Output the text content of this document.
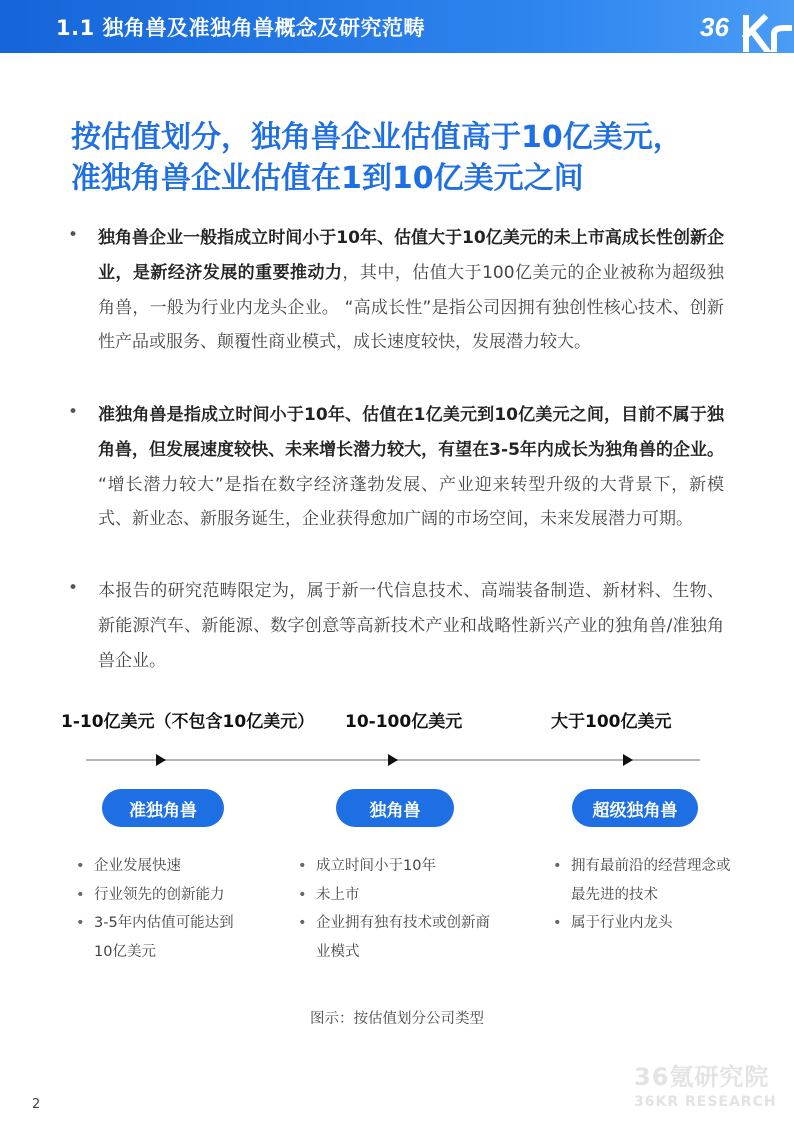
1.1 独角兽及准独角兽概念及研究范畴	36
按估值划分，独角兽企业估值高于10亿美元，
准独角兽企业估值在1到10亿美元之间
• 独角兽企业一般指成立时间小于10年、估值大于10亿美元的未上市高成长性创新企业，是新经济发展的重要推动力，其中，估值大于100亿美元的企业被称为超级独角兽，一般为行业内龙头企业。 “高成长性”是指公司因拥有独创性核心技术、创新性产品或服务、颠覆性商业模式，成长速度较快，发展潜力较大。
• 准独角兽是指成立时间小于10年、估值在1亿美元到10亿美元之间，目前不属于独角兽，但发展速度较快、未来增长潜力较大，有望在3-5年内成长为独角兽的企业。 “增长潜力较大”是指在数字经济蓬勃发展、产业迎来转型升级的大背景下，新模式、新业态、新服务诞生，企业获得愈加广阔的市场空间，未来发展潜力可期。
• 本报告的研究范畴限定为，属于新一代信息技术、高端装备制造、新材料、生物、新能源汽车、新能源、数字创意等高新技术产业和战略性新兴产业的独角兽/准独角兽企业。
1-10亿美元（不包含10亿美元） 10-100亿美元	大于100亿美元
准独角兽	独角兽	超级独角兽
• 企业发展快速
• 行业领先的创新能力
• 3-5年内估值可能达到10亿美元
• 成立时间小于10年
• 未上市
• 企业拥有独有技术或创新商业模式
• 拥有最前沿的经营理念或最先进的技术
• 属于行业内龙头
图示：按估值划分公司类型
36氪研究院
36KR RESEARCH
2
